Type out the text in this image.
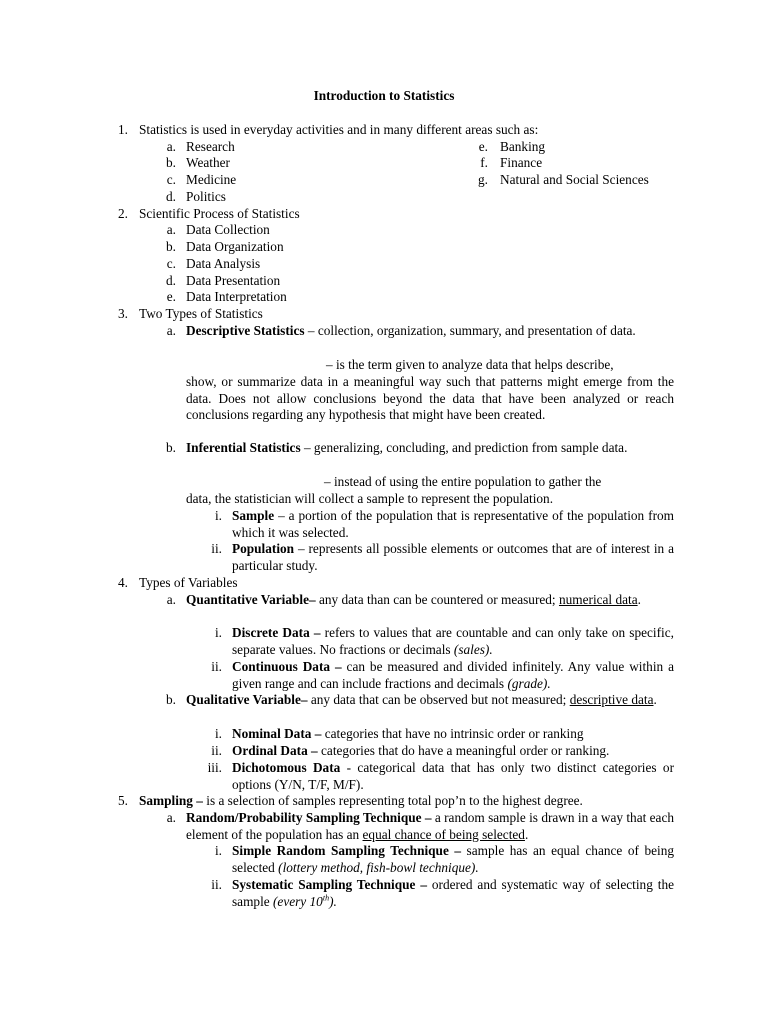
Introduction to Statistics
1. Statistics is used in everyday activities and in many different areas such as:
a. Research
b. Weather
c. Medicine
d. Politics
e. Banking
f. Finance
g. Natural and Social Sciences
2. Scientific Process of Statistics
a. Data Collection
b. Data Organization
c. Data Analysis
d. Data Presentation
e. Data Interpretation
3. Two Types of Statistics
a. Descriptive Statistics – collection, organization, summary, and presentation of data.
– is the term given to analyze data that helps describe,
show, or summarize data in a meaningful way such that patterns might emerge from the data. Does not allow conclusions beyond the data that have been analyzed or reach conclusions regarding any hypothesis that might have been created.
b. Inferential Statistics – generalizing, concluding, and prediction from sample data.
– instead of using the entire population to gather the
data, the statistician will collect a sample to represent the population.
i. Sample – a portion of the population that is representative of the population from which it was selected.
ii. Population – represents all possible elements or outcomes that are of interest in a particular study.
4. Types of Variables
a. Quantitative Variable– any data than can be countered or measured; numerical data.
i. Discrete Data – refers to values that are countable and can only take on specific, separate values. No fractions or decimals (sales).
ii. Continuous Data – can be measured and divided infinitely. Any value within a given range and can include fractions and decimals (grade).
b. Qualitative Variable– any data that can be observed but not measured; descriptive data.
i. Nominal Data – categories that have no intrinsic order or ranking
ii. Ordinal Data – categories that do have a meaningful order or ranking.
iii. Dichotomous Data - categorical data that has only two distinct categories or options (Y/N, T/F, M/F).
5. Sampling – is a selection of samples representing total pop’n to the highest degree.
a. Random/Probability Sampling Technique – a random sample is drawn in a way that each element of the population has an equal chance of being selected.
i. Simple Random Sampling Technique – sample has an equal chance of being selected (lottery method, fish-bowl technique).
ii. Systematic Sampling Technique – ordered and systematic way of selecting the sample (every 10th).
